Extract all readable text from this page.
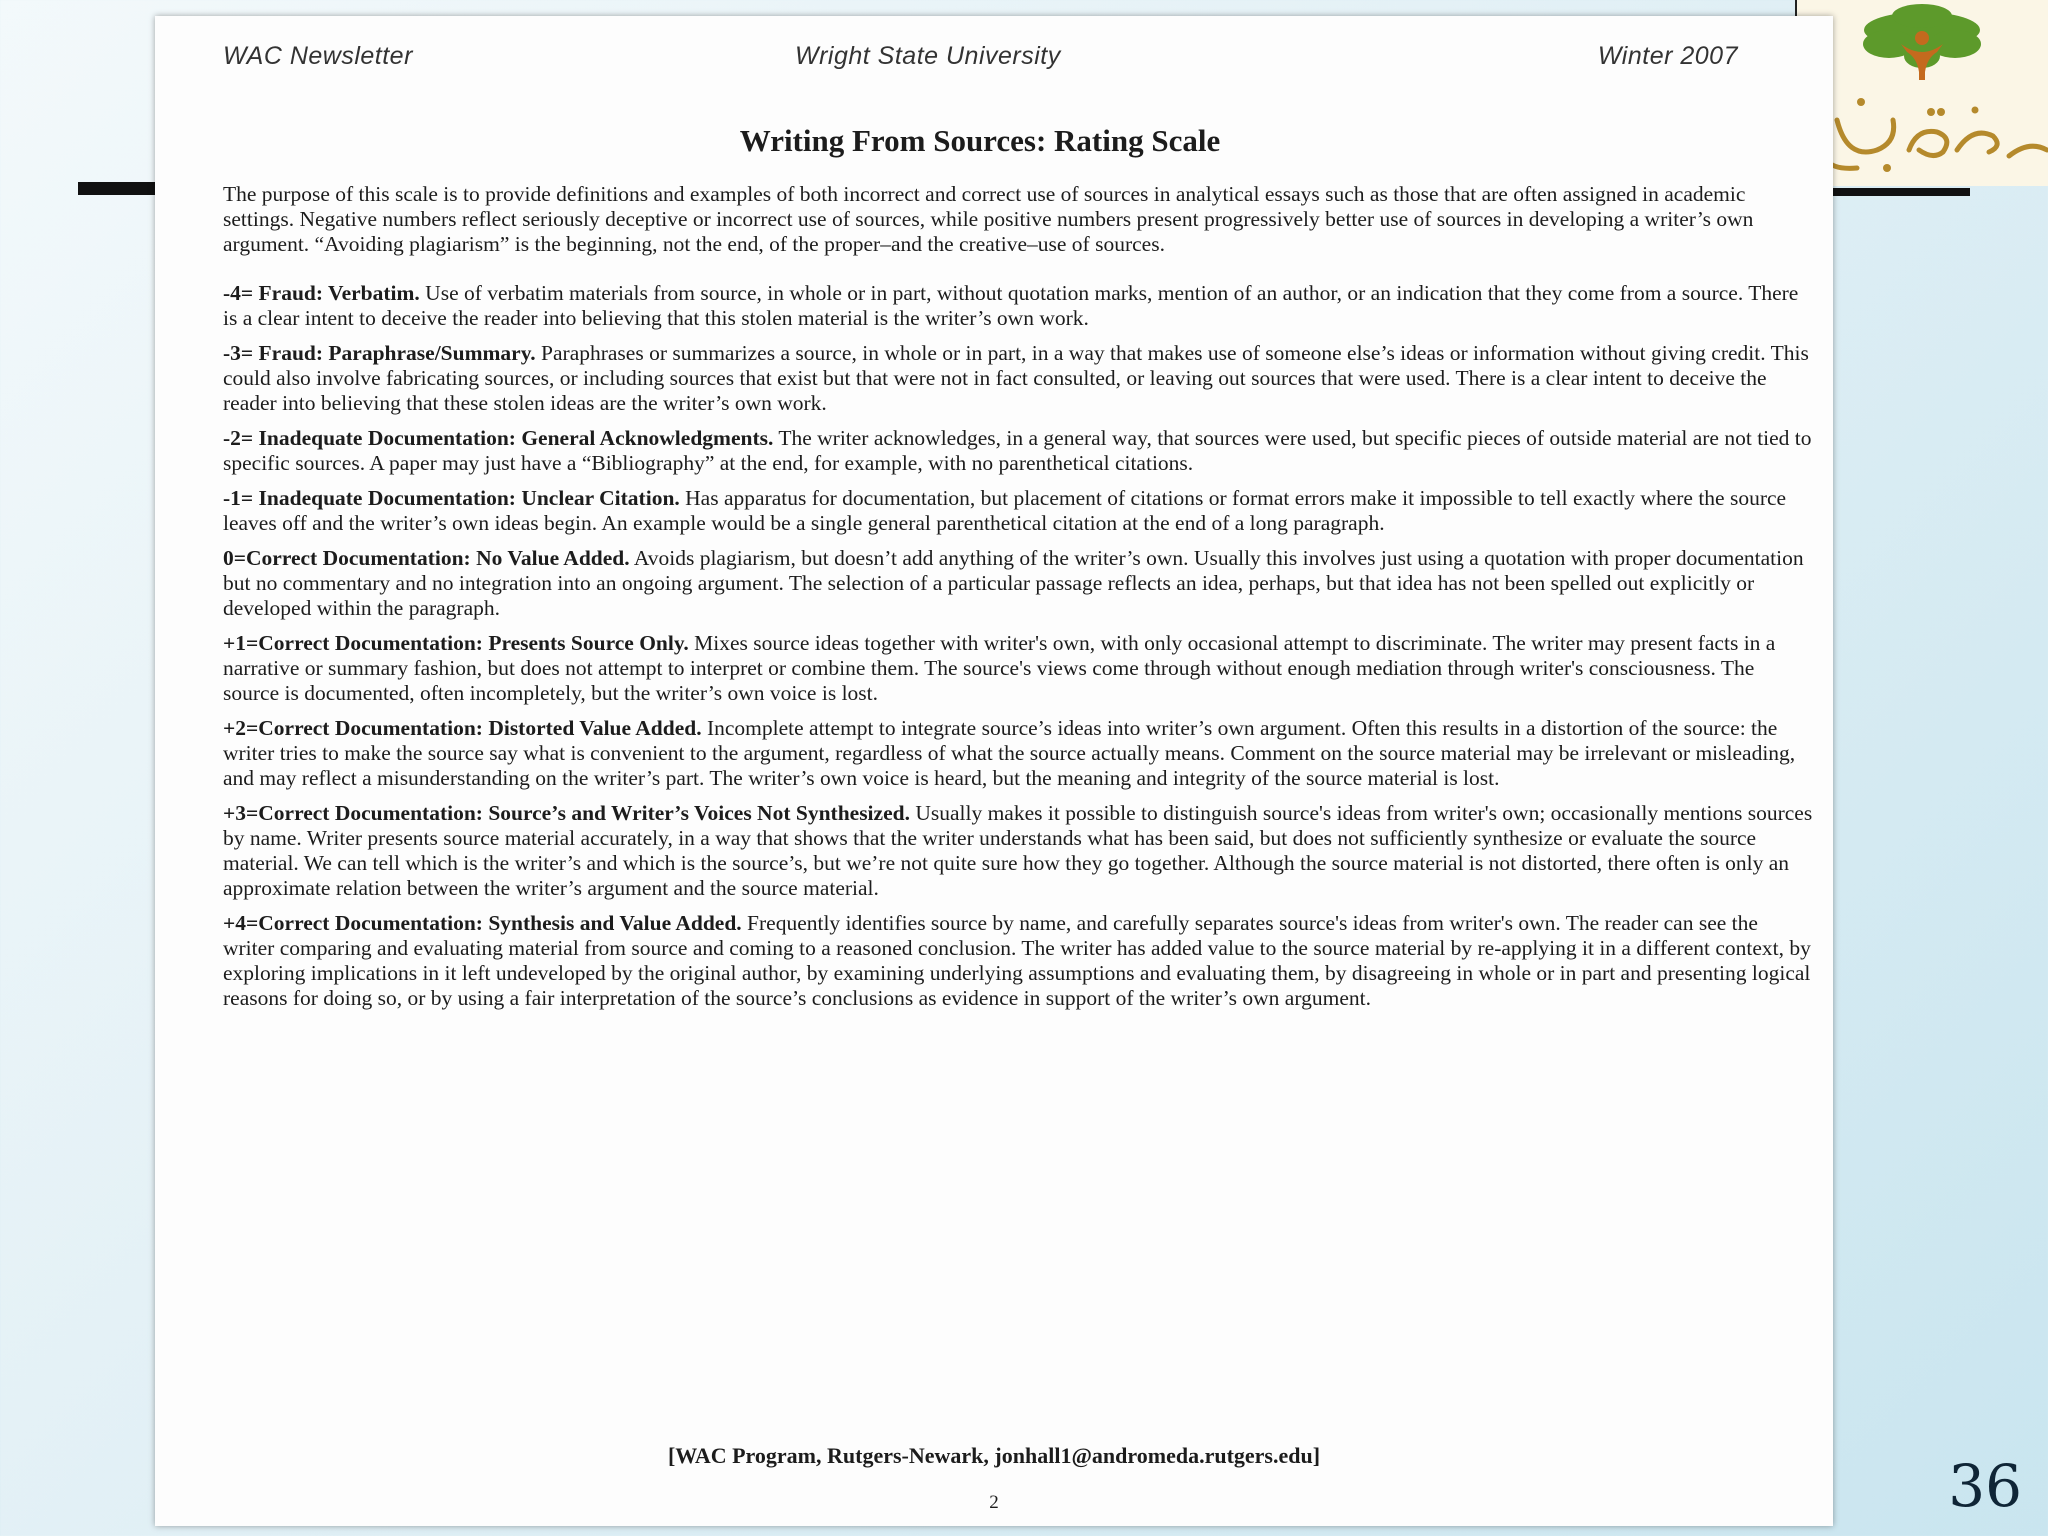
36
WAC Newsletter	Wright State University	Winter 2007
Writing From Sources: Rating Scale

The purpose of this scale is to provide definitions and examples of both incorrect and correct use of sources in analytical essays such as those that are often assigned in academic settings. Negative numbers reflect seriously deceptive or incorrect use of sources, while positive numbers present progressively better use of sources in developing a writer’s own argument. “Avoiding plagiarism” is the beginning, not the end, of the proper–and the creative–use of sources.

-4= Fraud: Verbatim. Use of verbatim materials from source, in whole or in part, without quotation marks, mention of an author, or an indication that they come from a source. There is a clear intent to deceive the reader into believing that this stolen material is the writer’s own work.

-3= Fraud: Paraphrase/Summary. Paraphrases or summarizes a source, in whole or in part, in a way that makes use of someone else’s ideas or information without giving credit. This could also involve fabricating sources, or including sources that exist but that were not in fact consulted, or leaving out sources that were used. There is a clear intent to deceive the reader into believing that these stolen ideas are the writer’s own work.

-2= Inadequate Documentation: General Acknowledgments. The writer acknowledges, in a general way, that sources were used, but specific pieces of outside material are not tied to specific sources. A paper may just have a “Bibliography” at the end, for example, with no parenthetical citations.

-1= Inadequate Documentation: Unclear Citation. Has apparatus for documentation, but placement of citations or format errors make it impossible to tell exactly where the source leaves off and the writer’s own ideas begin. An example would be a single general parenthetical citation at the end of a long paragraph.

0=Correct Documentation: No Value Added. Avoids plagiarism, but doesn’t add anything of the writer’s own. Usually this involves just using a quotation with proper documentation but no commentary and no integration into an ongoing argument. The selection of a particular passage reflects an idea, perhaps, but that idea has not been spelled out explicitly or developed within the paragraph.

+1=Correct Documentation: Presents Source Only. Mixes source ideas together with writer's own, with only occasional attempt to discriminate. The writer may present facts in a narrative or summary fashion, but does not attempt to interpret or combine them. The source's views come through without enough mediation through writer's consciousness. The source is documented, often incompletely, but the writer’s own voice is lost.

+2=Correct Documentation: Distorted Value Added. Incomplete attempt to integrate source’s ideas into writer’s own argument. Often this results in a distortion of the source: the writer tries to make the source say what is convenient to the argument, regardless of what the source actually means. Comment on the source material may be irrelevant or misleading, and may reflect a misunderstanding on the writer’s part. The writer’s own voice is heard, but the meaning and integrity of the source material is lost.

+3=Correct Documentation: Source’s and Writer’s Voices Not Synthesized. Usually makes it possible to distinguish source's ideas from writer's own; occasionally mentions sources by name. Writer presents source material accurately, in a way that shows that the writer understands what has been said, but does not sufficiently synthesize or evaluate the source material. We can tell which is the writer’s and which is the source’s, but we’re not quite sure how they go together. Although the source material is not distorted, there often is only an approximate relation between the writer’s argument and the source material.

+4=Correct Documentation: Synthesis and Value Added. Frequently identifies source by name, and carefully separates source's ideas from writer's own. The reader can see the writer comparing and evaluating material from source and coming to a reasoned conclusion. The writer has added value to the source material by re-applying it in a different context, by exploring implications in it left undeveloped by the original author, by examining underlying assumptions and evaluating them, by disagreeing in whole or in part and presenting logical reasons for doing so, or by using a fair interpretation of the source’s conclusions as evidence in support of the writer’s own argument.

[WAC Program, Rutgers-Newark, jonhall1@andromeda.rutgers.edu]
2
